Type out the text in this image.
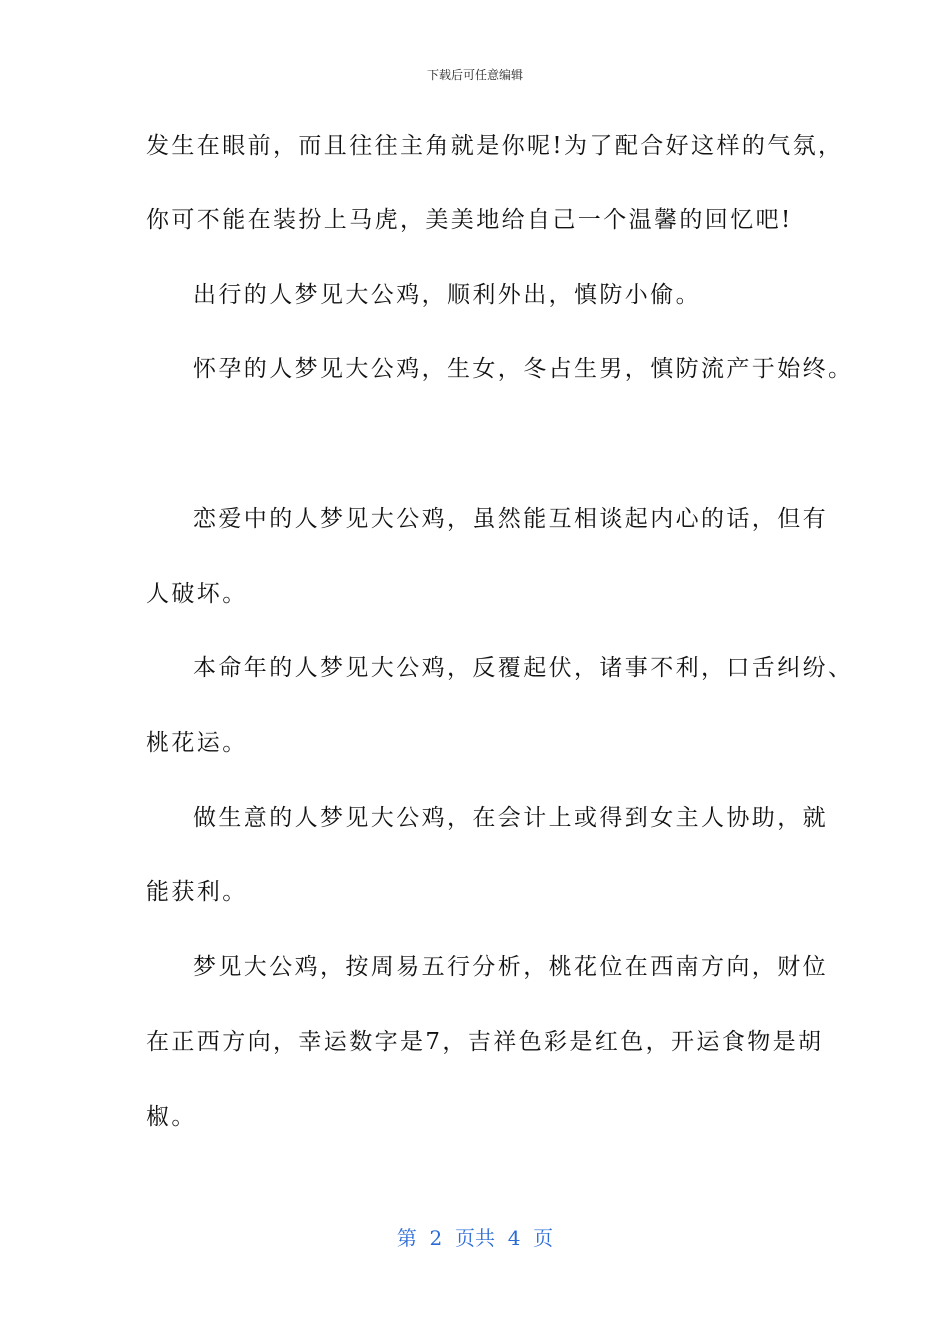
下载后可任意编辑
发生在眼前，而且往往主角就是你呢!为了配合好这样的气氛，
你可不能在装扮上马虎，美美地给自己一个温馨的回忆吧!
出行的人梦见大公鸡，顺利外出，慎防小偷。
怀孕的人梦见大公鸡，生女，冬占生男，慎防流产于始终。
恋爱中的人梦见大公鸡，虽然能互相谈起内心的话，但有
人破坏。
本命年的人梦见大公鸡，反覆起伏，诸事不利，口舌纠纷、
桃花运。
做生意的人梦见大公鸡，在会计上或得到女主人协助，就
能获利。
梦见大公鸡，按周易五行分析，桃花位在西南方向，财位
在正西方向，幸运数字是7，吉祥色彩是红色，开运食物是胡
椒。
第  2  页共  4  页
